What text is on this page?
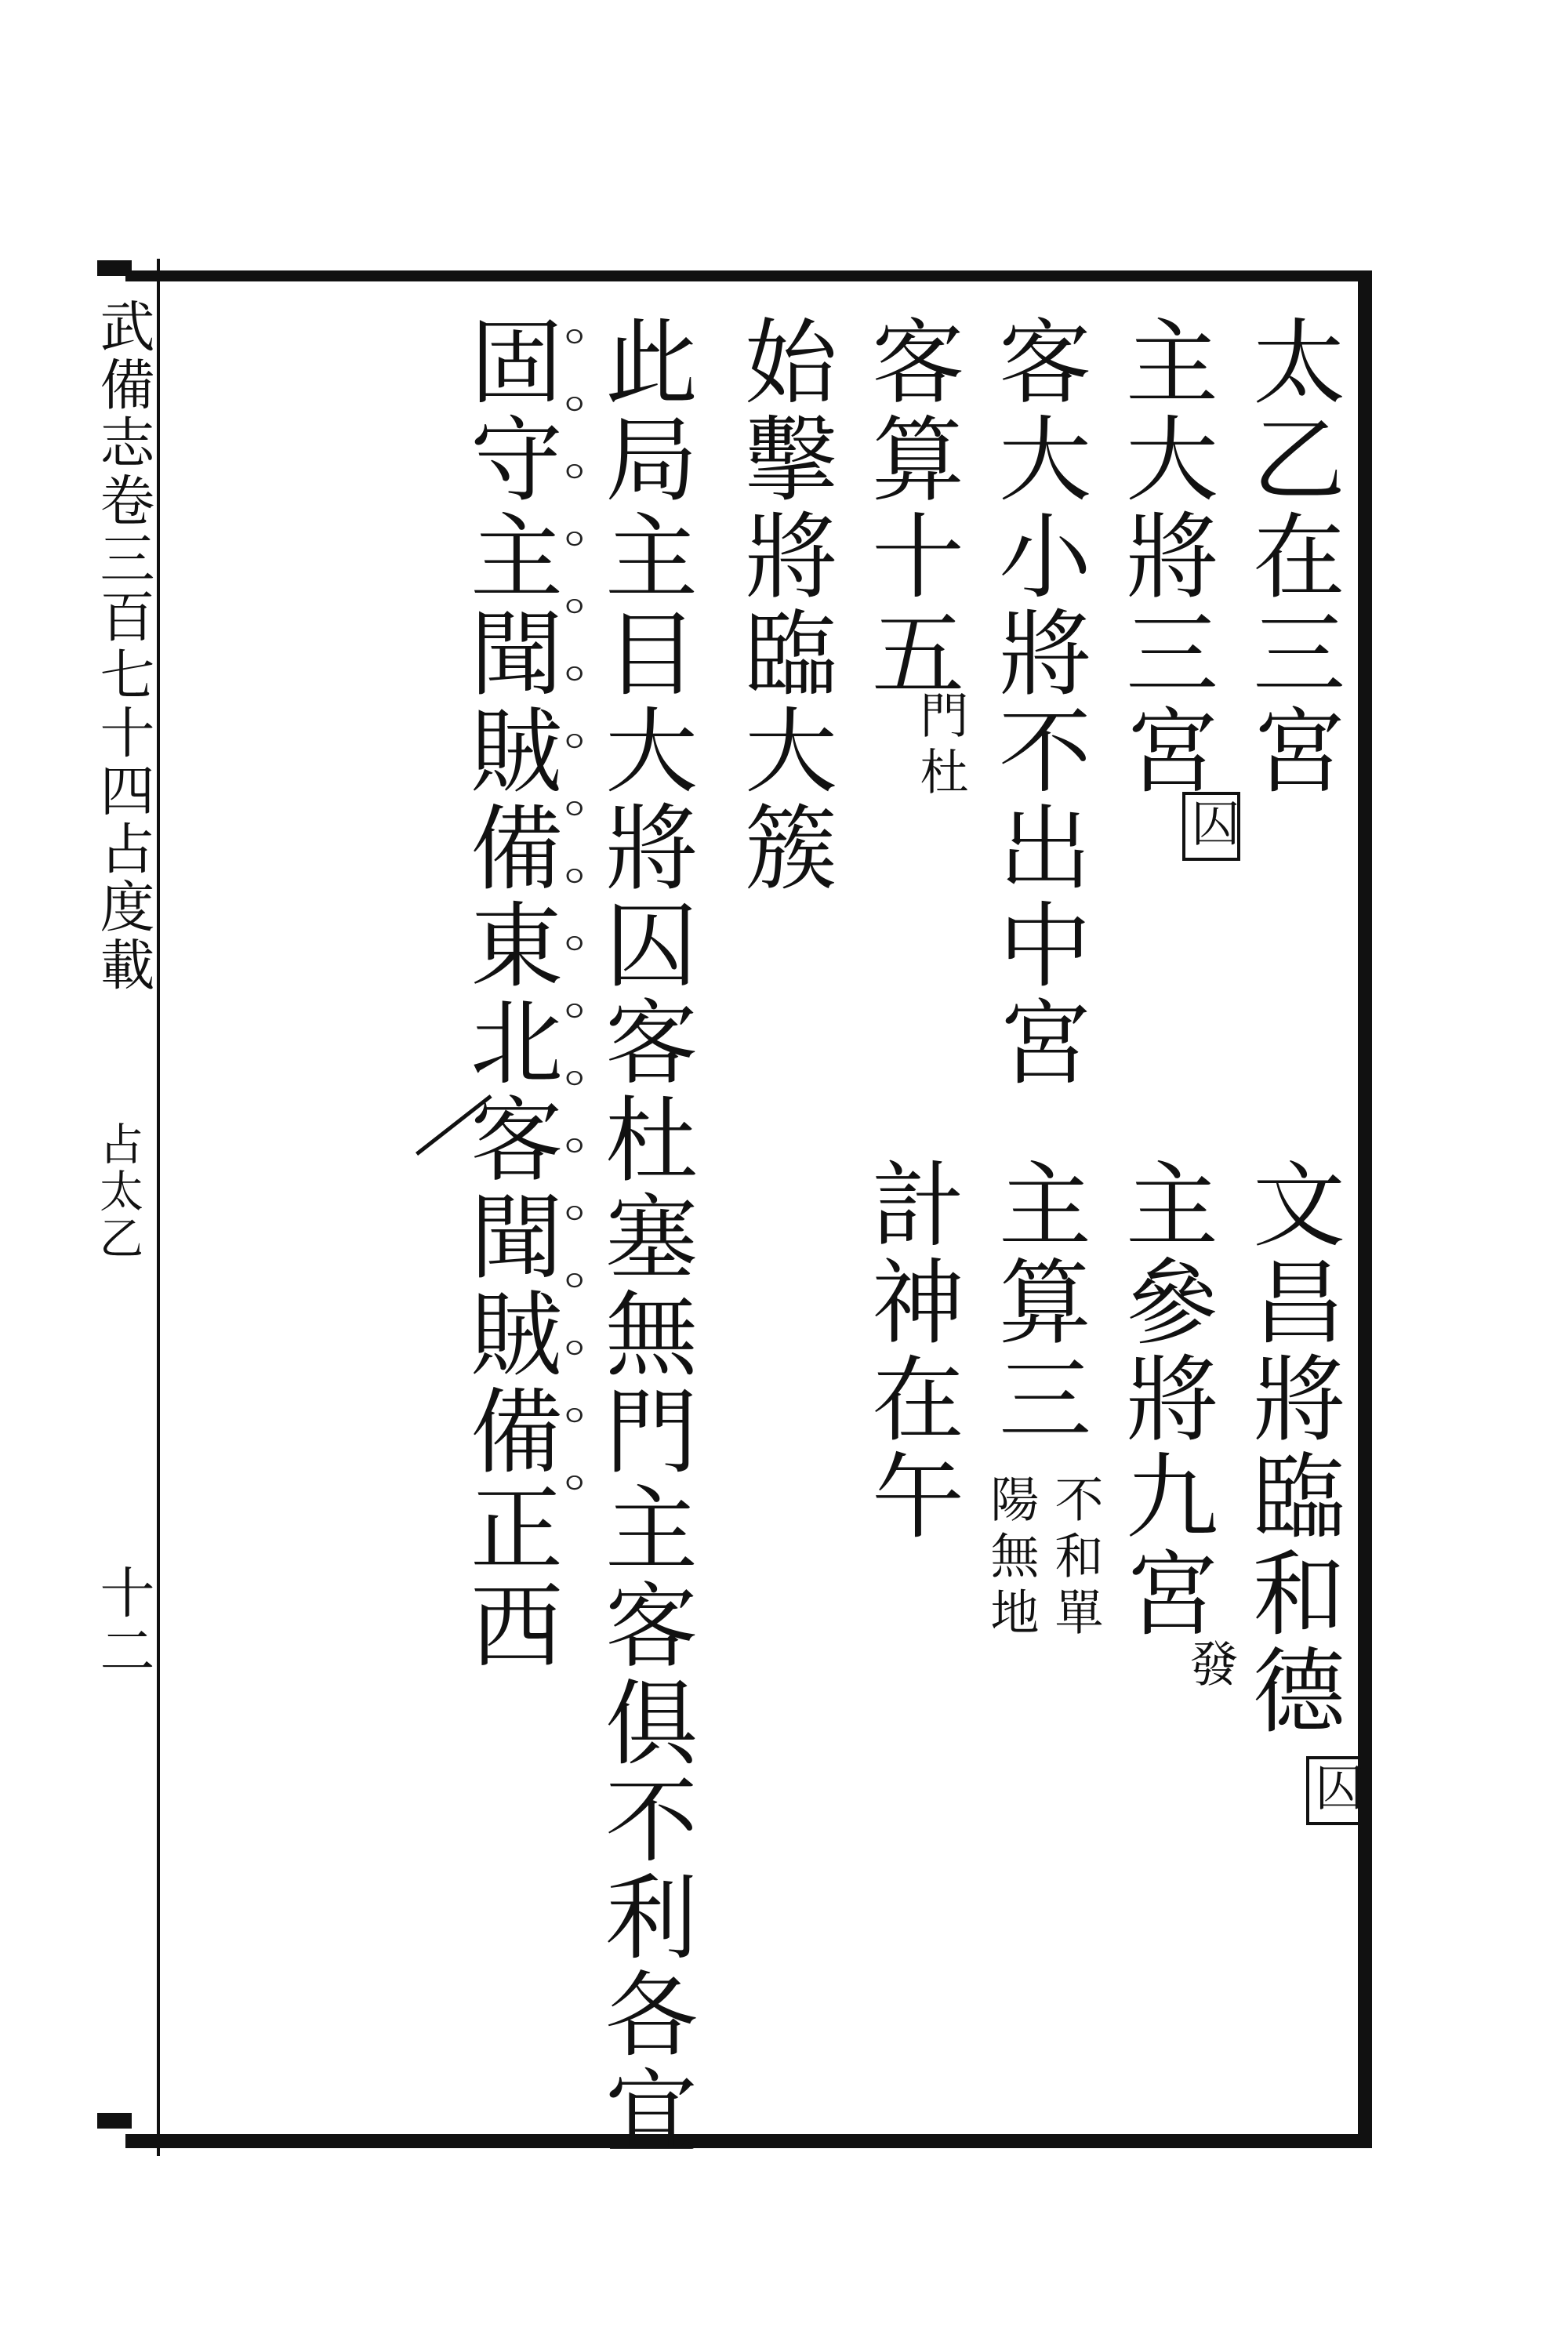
武備志卷三百七十四占度載
占太乙
十二
太乙在三宮
文昌將臨和德
囚
主大將三宮
囚
主參將九宮
發
客大小將不出中宮
主算三
不和單
陽無地
客算十五
門杜
計神在午
始擊將臨大簇
此局主目大將囚客杜塞無門主客俱不利各宜
ㅇㅇㅇㅇㅇㅇㅇㅇㅇㅇㅇㅇㅇㅇㅇㅇㅇㅇ
固守主聞賊備東北客聞賊備正西
